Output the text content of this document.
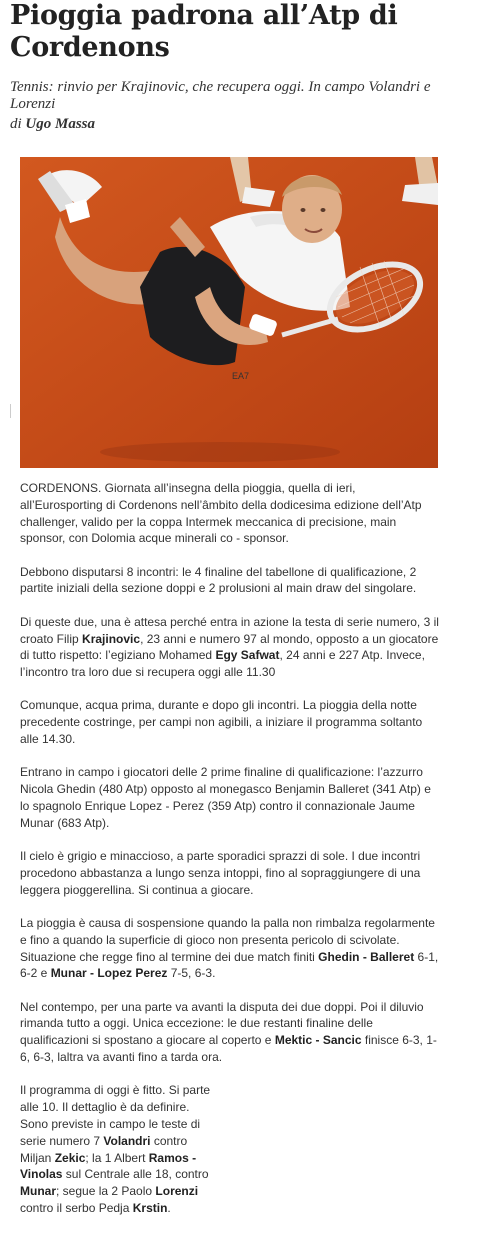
Pioggia padrona all’Atp di Cordenons

Tennis: rinvio per Krajinovic, che recupera oggi. In campo Volandri e Lorenzi

di Ugo Massa

EA7

CORDENONS. Giornata all’insegna della pioggia, quella di ieri, all’Eurosporting di Cordenons nell’âmbito della dodicesima edizione dell’Atp challenger, valido per la coppa Intermek meccanica di precisione, main sponsor, con Dolomia acque minerali co - sponsor.

Debbono disputarsi 8 incontri: le 4 finaline del tabellone di qualificazione, 2 partite iniziali della sezione doppi e 2 prolusioni al main draw del singolare.

Di queste due, una è attesa perché entra in azione la testa di serie numero, 3 il croato Filip Krajinovic, 23 anni e numero 97 al mondo, opposto a un giocatore di tutto rispetto: l’egiziano Mohamed Egy Safwat, 24 anni e 227 Atp. Invece, l’incontro tra loro due si recupera oggi alle 11.30

Comunque, acqua prima, durante e dopo gli incontri. La pioggia della notte precedente costringe, per campi non agibili, a iniziare il programma soltanto alle 14.30.

Entrano in campo i giocatori delle 2 prime finaline di qualificazione: l’azzurro Nicola Ghedin (480 Atp) opposto al monegasco Benjamin Balleret (341 Atp) e lo spagnolo Enrique Lopez - Perez (359 Atp) contro il connazionale Jaume Munar (683 Atp).

Il cielo è grigio e minaccioso, a parte sporadici sprazzi di sole. I due incontri procedono abbastanza a lungo senza intoppi, fino al sopraggiungere di una leggera pioggerellina. Si continua a giocare.

La pioggia è causa di sospensione quando la palla non rimbalza regolarmente e fino a quando la superficie di gioco non presenta pericolo di scivolate. Situazione che regge fino al termine dei due match finiti Ghedin - Balleret 6-1, 6-2 e Munar - Lopez Perez 7-5, 6-3.

Nel contempo, per una parte va avanti la disputa dei due doppi. Poi il diluvio rimanda tutto a oggi. Unica eccezione: le due restanti finaline delle qualificazioni si spostano a giocare al coperto e Mektic - Sancic finisce 6-3, 1-6, 6-3, laltra va avanti fino a tarda ora.

Il programma di oggi è fitto. Si parte alle 10. Il dettaglio è da definire. Sono previste in campo le teste di serie numero 7 Volandri contro Miljan Zekic; la 1 Albert Ramos - Vinolas sul Centrale alle 18, contro Munar; segue la 2 Paolo Lorenzi contro il serbo Pedja Krstin.
